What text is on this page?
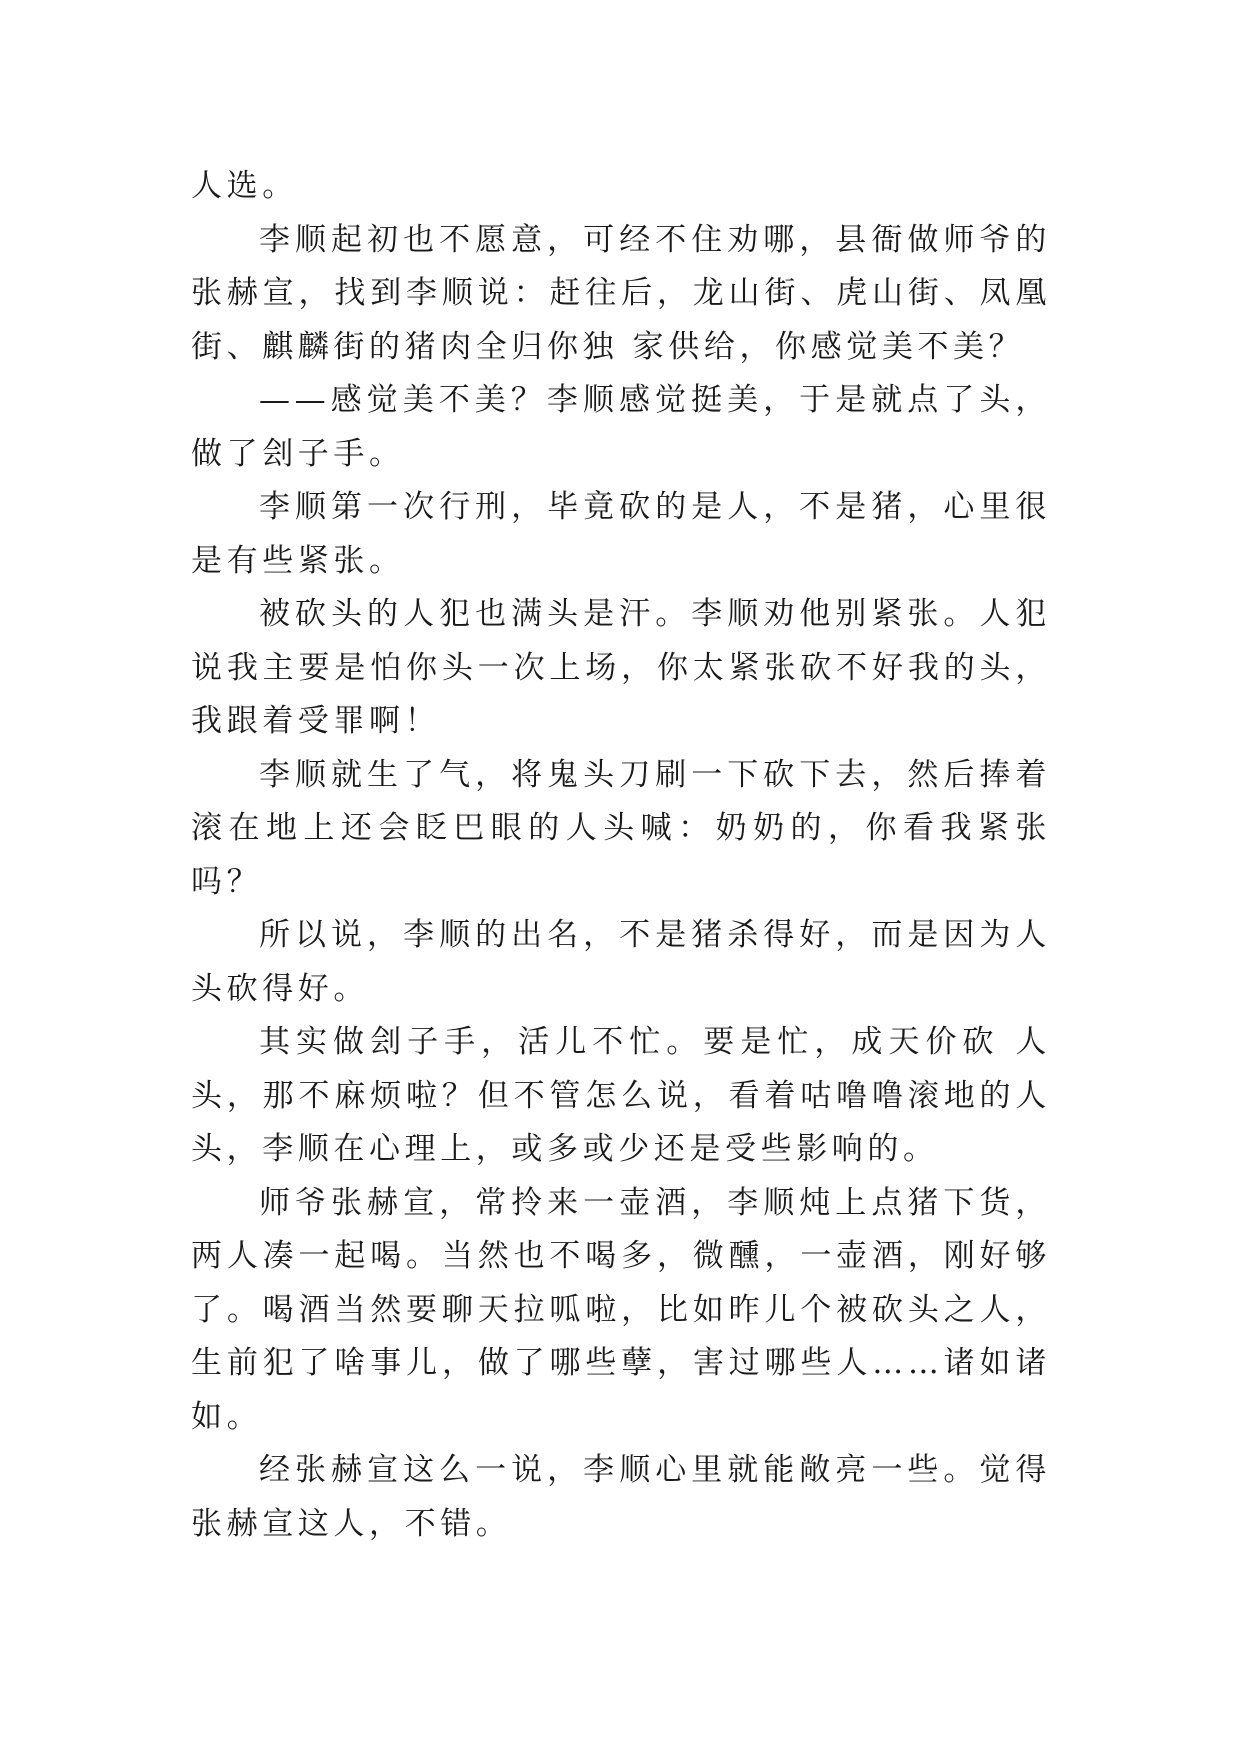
人选。

李顺起初也不愿意，可经不住劝哪，县衙做师爷的张赫宣，找到李顺说：赶往后，龙山街、虎山街、凤凰街、麒麟街的猪肉全归你独 家供给，你感觉美不美？

——感觉美不美？李顺感觉挺美，于是就点了头，做了刽子手。

李顺第一次行刑，毕竟砍的是人，不是猪，心里很是有些紧张。

被砍头的人犯也满头是汗。李顺劝他别紧张。人犯说我主要是怕你头一次上场，你太紧张砍不好我的头，我跟着受罪啊！

李顺就生了气，将鬼头刀刷一下砍下去，然后捧着滚在地上还会眨巴眼的人头喊：奶奶的，你看我紧张吗？

所以说，李顺的出名，不是猪杀得好，而是因为人头砍得好。

其实做刽子手，活儿不忙。要是忙，成天价砍 人头，那不麻烦啦？但不管怎么说，看着咕噜噜滚地的人头，李顺在心理上，或多或少还是受些影响的。

师爷张赫宣，常拎来一壶酒，李顺炖上点猪下货，两人凑一起喝。当然也不喝多，微醺，一壶酒，刚好够了。喝酒当然要聊天拉呱啦，比如昨儿个被砍头之人，生前犯了啥事儿，做了哪些孽，害过哪些人……诸如诸如。

经张赫宣这么一说，李顺心里就能敞亮一些。觉得张赫宣这人，不错。
